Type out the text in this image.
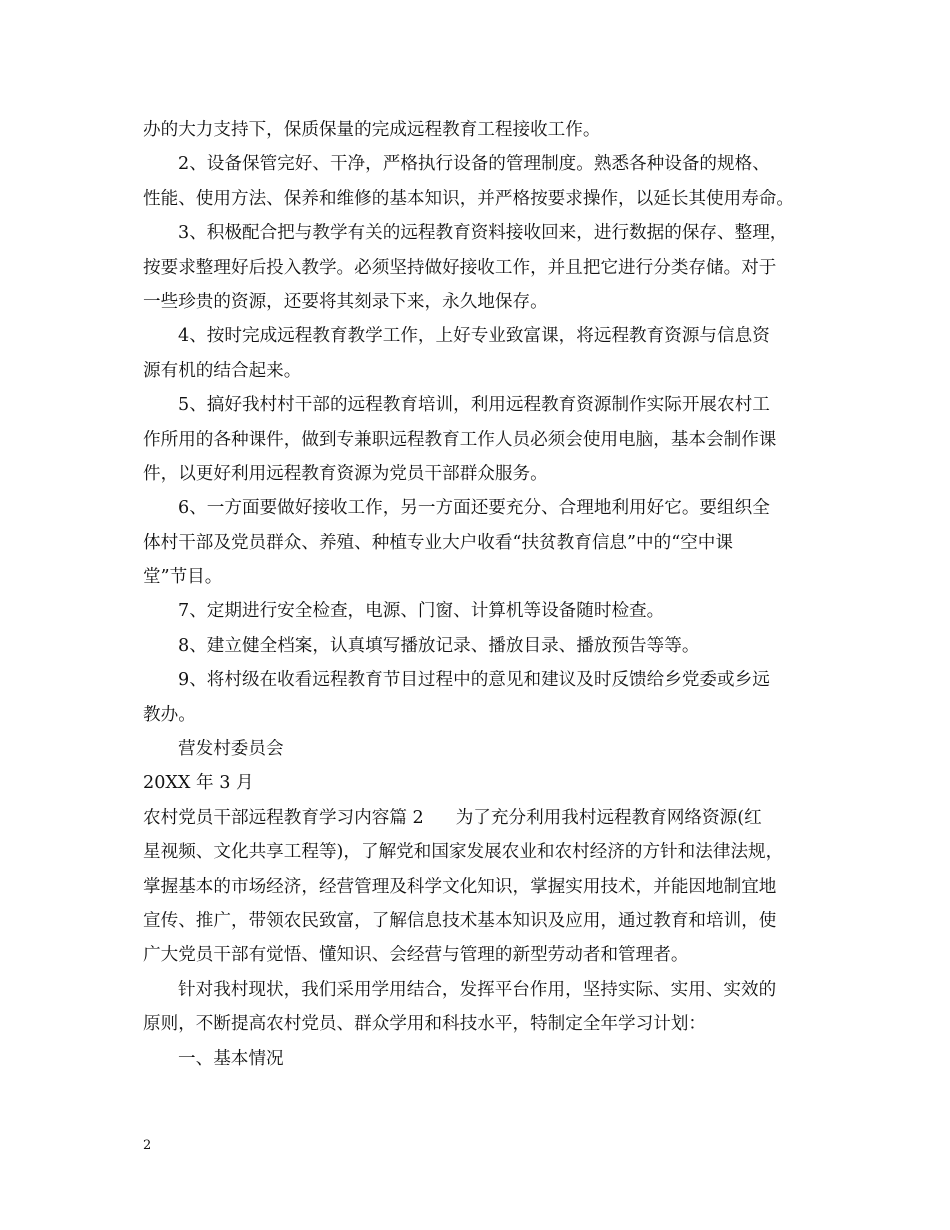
办的大力支持下，保质保量的完成远程教育工程接收工作。
2、设备保管完好、干净，严格执行设备的管理制度。熟悉各种设备的规格、
性能、使用方法、保养和维修的基本知识，并严格按要求操作，以延长其使用寿命。
3、积极配合把与教学有关的远程教育资料接收回来，进行数据的保存、整理，
按要求整理好后投入教学。必须坚持做好接收工作，并且把它进行分类存储。对于
一些珍贵的资源，还要将其刻录下来，永久地保存。
4、按时完成远程教育教学工作，上好专业致富课，将远程教育资源与信息资
源有机的结合起来。
5、搞好我村村干部的远程教育培训，利用远程教育资源制作实际开展农村工
作所用的各种课件，做到专兼职远程教育工作人员必须会使用电脑，基本会制作课
件，以更好利用远程教育资源为党员干部群众服务。
6、一方面要做好接收工作，另一方面还要充分、合理地利用好它。要组织全
体村干部及党员群众、养殖、种植专业大户收看“扶贫教育信息”中的“空中课
堂”节目。
7、定期进行安全检查，电源、门窗、计算机等设备随时检查。
8、建立健全档案，认真填写播放记录、播放目录、播放预告等等。
9、将村级在收看远程教育节目过程中的意见和建议及时反馈给乡党委或乡远
教办。
营发村委员会
20XX 年 3 月
农村党员干部远程教育学习内容篇 2 为了充分利用我村远程教育网络资源(红
星视频、文化共享工程等)，了解党和国家发展农业和农村经济的方针和法律法规，
掌握基本的市场经济，经营管理及科学文化知识，掌握实用技术，并能因地制宜地
宣传、推广，带领农民致富，了解信息技术基本知识及应用，通过教育和培训，使
广大党员干部有觉悟、懂知识、会经营与管理的新型劳动者和管理者。
针对我村现状，我们采用学用结合，发挥平台作用，坚持实际、实用、实效的
原则，不断提高农村党员、群众学用和科技水平，特制定全年学习计划：
一、基本情况
2
